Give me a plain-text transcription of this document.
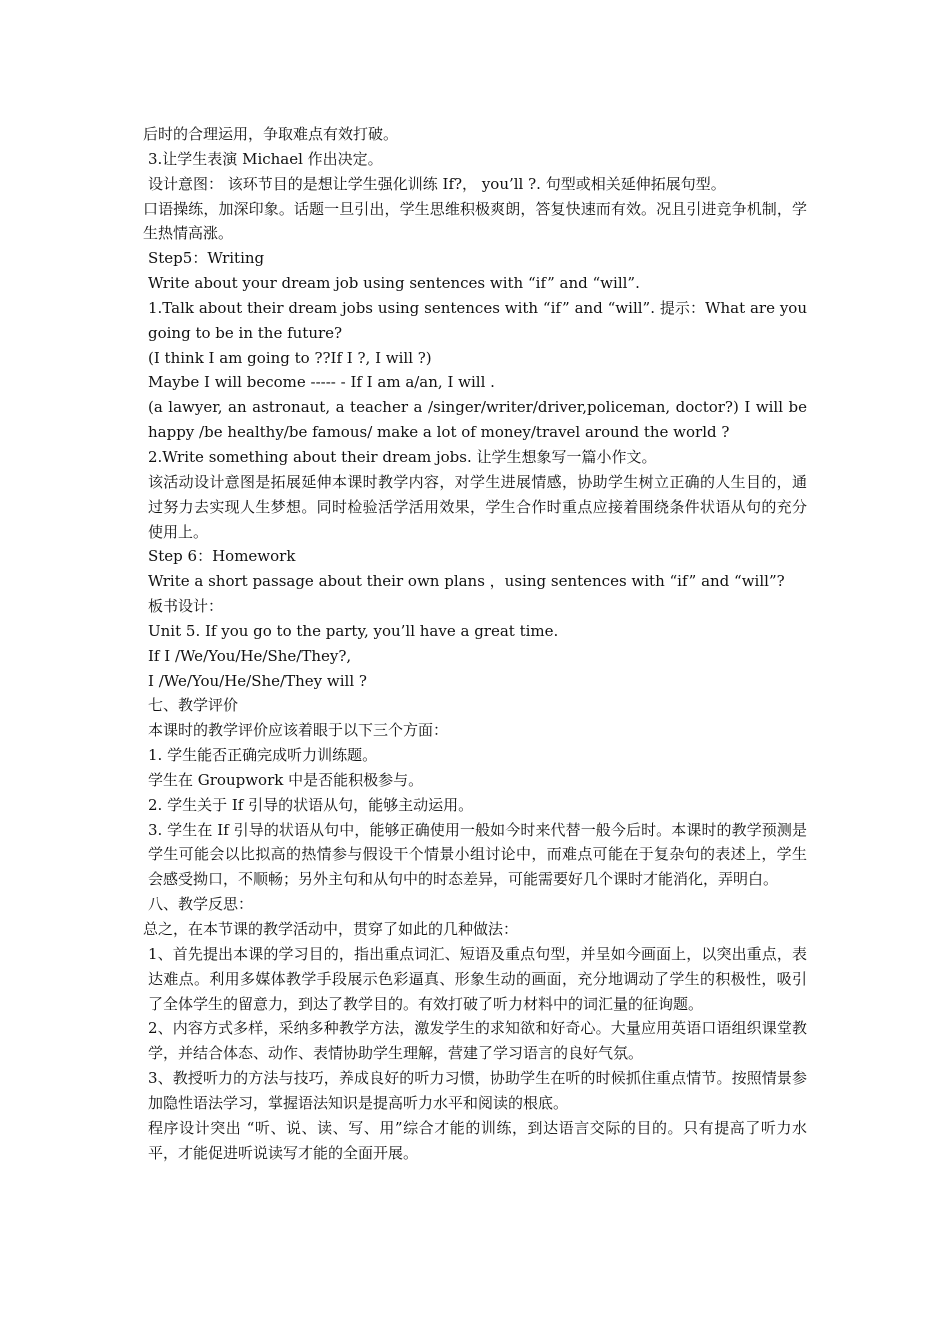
后时的合理运用，争取难点有效打破。

3.让学生表演 Michael 作出决定。

设计意图： 该环节目的是想让学生强化训练 If?， you’ll ?. 句型或相关延伸拓展句型。

口语操练，加深印象。话题一旦引出，学生思维积极爽朗，答复快速而有效。况且引进竞争机制，学生热情高涨。

Step5：Writing

Write about your dream job using sentences with “if” and “will”.

1.Talk about their dream jobs using sentences with “if” and “will”. 提示：What are you going to be in the future?

(I think I am going to ??If I ?, I will ?)

Maybe I will become ----- - If I am a/an, I will .

(a lawyer, an astronaut, a teacher a /singer/writer/driver,policeman, doctor?) I will be happy /be healthy/be famous/ make a lot of money/travel around the world ?

2.Write something about their dream jobs. 让学生想象写一篇小作文。

该活动设计意图是拓展延伸本课时教学内容，对学生进展情感，协助学生树立正确的人生目的，通过努力去实现人生梦想。同时检验活学活用效果，学生合作时重点应接着围绕条件状语从句的充分使用上。

Step 6：Homework

Write a short passage about their own plans ，using sentences with “if” and “will”?

板书设计：

Unit 5. If you go to the party, you’ll have a great time.

If I /We/You/He/She/They?,

I /We/You/He/She/They will ?

七、教学评价

本课时的教学评价应该着眼于以下三个方面：

1. 学生能否正确完成听力训练题。

学生在 Groupwork 中是否能积极参与。

2. 学生关于 If 引导的状语从句，能够主动运用。

3. 学生在 If 引导的状语从句中，能够正确使用一般如今时来代替一般今后时。本课时的教学预测是学生可能会以比拟高的热情参与假设干个情景小组讨论中，而难点可能在于复杂句的表述上，学生会感受拗口，不顺畅；另外主句和从句中的时态差异，可能需要好几个课时才能消化，弄明白。

八、教学反思：

总之，在本节课的教学活动中，贯穿了如此的几种做法：

1、首先提出本课的学习目的，指出重点词汇、短语及重点句型，并呈如今画面上，以突出重点，表达难点。利用多媒体教学手段展示色彩逼真、形象生动的画面，充分地调动了学生的积极性，吸引了全体学生的留意力，到达了教学目的。有效打破了听力材料中的词汇量的征询题。

2、内容方式多样，采纳多种教学方法，激发学生的求知欲和好奇心。大量应用英语口语组织课堂教学，并结合体态、动作、表情协助学生理解，营建了学习语言的良好气氛。

3、教授听力的方法与技巧，养成良好的听力习惯，协助学生在听的时候抓住重点情节。按照情景参加隐性语法学习，掌握语法知识是提高听力水平和阅读的根底。

程序设计突出 “听、说、读、写、用”综合才能的训练，到达语言交际的目的。只有提高了听力水平，才能促进听说读写才能的全面开展。
